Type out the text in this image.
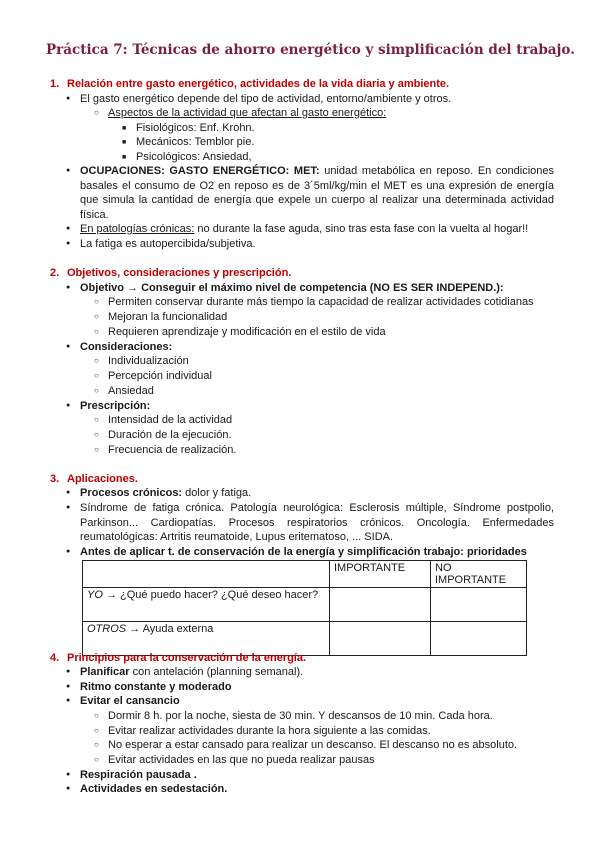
Práctica 7: Técnicas de ahorro energético y simplificación del trabajo.
1. Relación entre gasto energético, actividades de la vida diaria y ambiente.
●El gasto energético depende del tipo de actividad, entorno/ambiente y otros.
○Aspectos de la actividad que afectan al gasto energético:
■Fisiológicos: Enf. Krohn.
■Mecánicos: Temblor pie.
■Psicológicos: Ansiedad,
●
OCUPACIONES: GASTO ENERGÉTICO: MET: unidad metabólica en reposo. En condiciones basales el consumo de O2 en reposo es de 3´5ml/kg/min el MET es una expresión de energía que simula la cantidad de energía que expele un cuerpo al realizar una determinada actividad física.
●En patologías crónicas: no durante la fase aguda, sino tras esta fase con la vuelta al hogar!!
●La fatiga es autopercibida/subjetiva.
2. Objetivos, consideraciones y prescripción.
●Objetivo → Conseguir el máximo nivel de competencia (NO ES SER INDEPEND.):
○Permiten conservar durante más tiempo la capacidad de realizar actividades cotidianas
○Mejoran la funcionalidad
○Requieren aprendizaje y modificación en el estilo de vida
●Consideraciones:
○Individualización
○Percepción individual
○Ansiedad
●Prescripción:
○Intensidad de la actividad
○Duración de la ejecución.
○Frecuencia de realización.
3. Aplicaciones.
●Procesos crónicos: dolor y fatiga.
●
Síndrome de fatiga crónica. Patología neurológica: Esclerosis múltiple, Síndrome postpolio, Parkinson... Cardiopatías. Procesos respiratorios crónicos. Oncología. Enfermedades reumatológicas: Artritis reumatoide, Lupus eritematoso, ... SIDA.
●Antes de aplicar t. de conservación de la energía y simplificación trabajo: prioridades
	IMPORTANTE	NO IMPORTANTE
YO → ¿Qué puedo hacer? ¿Qué deseo hacer?		
OTROS → Ayuda externa		
4. Principios para la conservación de la energía.
●Planificar con antelación (planning semanal).
●Ritmo constante y moderado
●Evitar el cansancio
○Dormir 8 h. por la noche, siesta de 30 min. Y descansos de 10 min. Cada hora.
○Evitar realizar actividades durante la hora siguiente a las comidas.
○No esperar a estar cansado para realizar un descanso. El descanso no es absoluto.
○Evitar actividades en las que no pueda realizar pausas
●Respiración pausada .
●Actividades en sedestación.
